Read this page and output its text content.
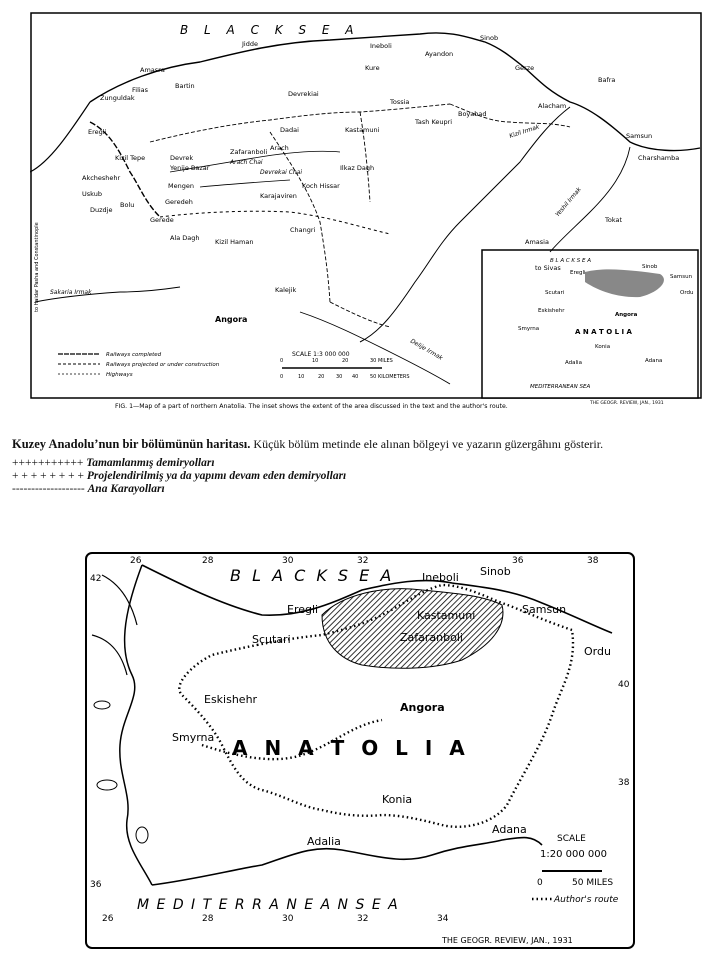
B L A C K S E A
Sinob
Ineboli
Ayandon
Jidde
Kure	Gerze
Amasra
Filias	Bartin
Devrekiai
Tossia	Alacham
Bafra
Zunguldak
Eregli	Dadai	Kastamuni
Tash Keupri
Boyabad
Samsun
Kizil Tepe	Devrek
Zafaranboli Arach
Charshamba
Yenije Bazar	Ilkaz Dagh
Akcheshehr
Mengen	Koch Hissar
Uskub
Duzdje
Bolu
Karajaviren
Geredeh
Changri
Gerede
Amasia
Ala Dagh Kizil Haman
Kalejik
Angora
Tokat
to Sivas
Kizil Irmak
Yeshil Irmak
Delije Irmak
Sakaria Irmak
Arach Chai
Devrekai Chai
Railways completed
Railways projected or under construction
Highways
SCALE 1:3 000 000
0	10	20 30 40 50 KILOMETERS
0	10	20	30 MILES
to Haidar Pasha and Constantinople
THE GEOGR. REVIEW, JAN., 1931
B L A C K S E A
Eregli
Scutari
Sinob
Samsun
Ordu
Eskishehr
Angora
Smyrna	A N A T O L I A
Konia
Adalia	Adana
MEDITERRANEAN SEA
FIG. 1—Map of a part of northern Anatolia. The inset shows the extent of the area discussed in the text and the author's route.
Kuzey Anadolu’nun bir bölümünün haritası. Küçük bölüm metinde ele alınan bölgeyi ve yazarın güzergâhını gösterir.
+++++++++++ Tamamlanmış demiryolları
+ + + + + + + + Projelendirilmiş ya da yapımı devam eden demiryolları
------------------- Ana Karayolları
42
40
38
36
26	28	30	32	36	38
26	28	30	32	34
B L A C K S E A
M E D I T E R R A N E A N S E A
A N A T O L I A
Ineboli Sinob
Eregli	Kastamuni	Samsun
Scutari	Zafaranboli
Ordu
Eskishehr
Angora
Smyrna
Konia
Adalia
Adana
SCALE
1:20 000 000
0	50 MILES
Author's route
THE GEOGR. REVIEW, JAN., 1931
